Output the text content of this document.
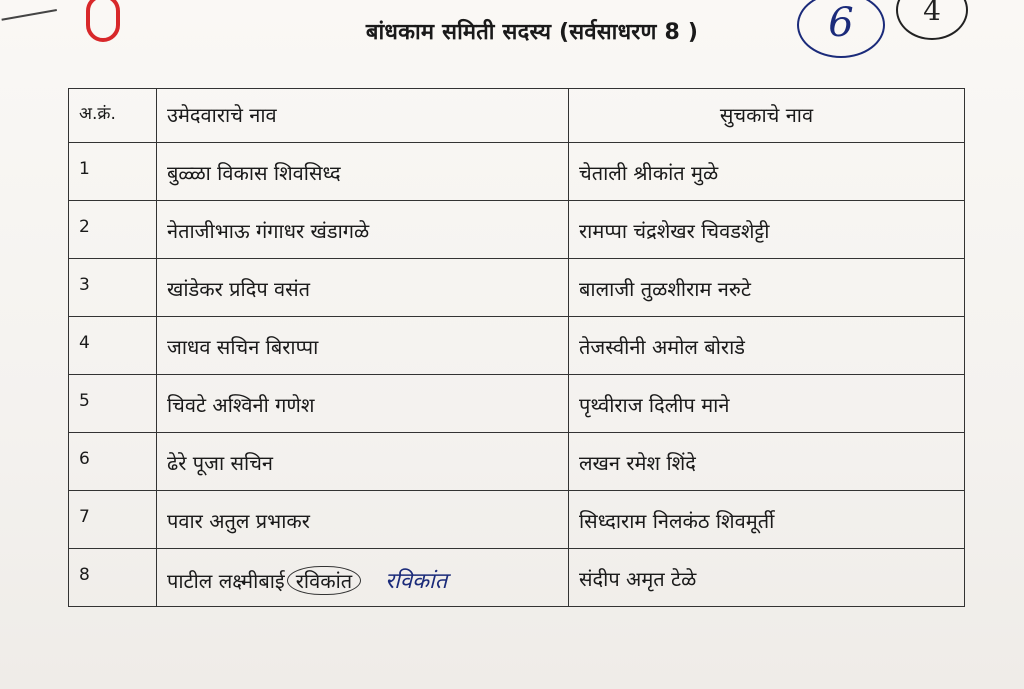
बांधकाम समिती सदस्य (सर्वसाधरण 8 )	6	4
अ.क्रं.	उमेदवाराचे नाव	सुचकाचे नाव
1	बुळ्ळा विकास शिवसिध्द	चेताली श्रीकांत मुळे
2	नेताजीभाऊ गंगाधर खंडागळे	रामप्पा चंद्रशेखर चिवडशेट्टी
3	खांडेकर प्रदिप वसंत	बालाजी तुळशीराम नरुटे
4	जाधव सचिन बिराप्पा	तेजस्वीनी अमोल बोराडे
5	चिवटे अश्विनी गणेश	पृथ्वीराज दिलीप माने
6	ढेरे पूजा सचिन	लखन रमेश शिंदे
7	पवार अतुल प्रभाकर	सिध्दाराम निलकंठ शिवमूर्ती
8	पाटील लक्ष्मीबाई रविकांत रविकांत	संदीप अमृत टेळे
